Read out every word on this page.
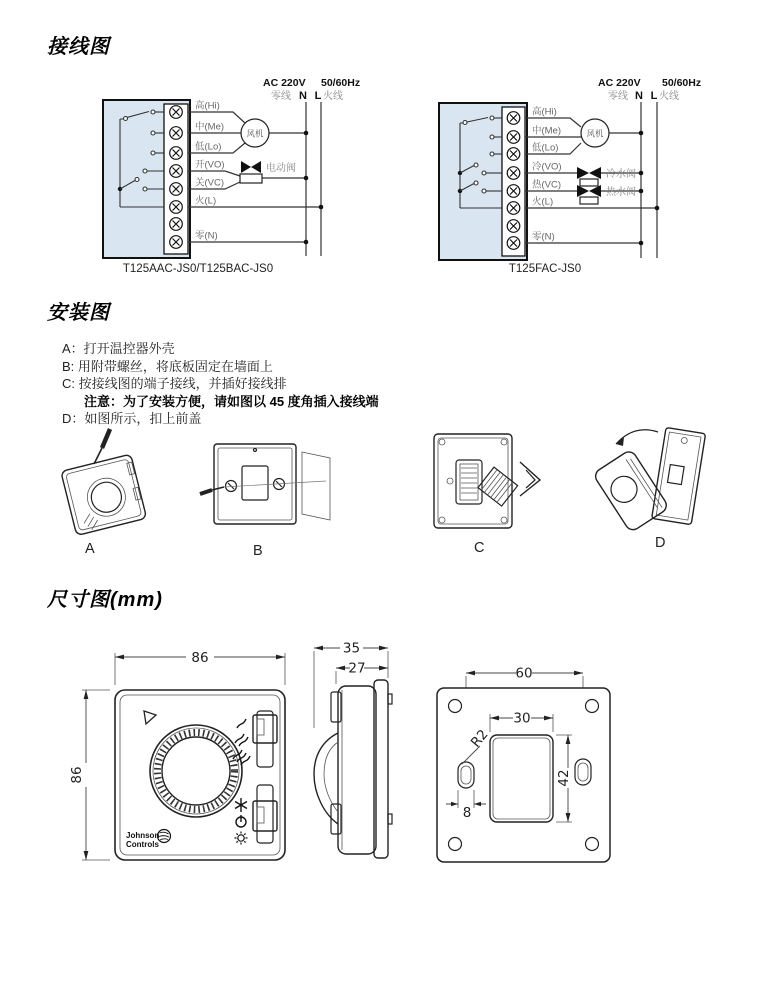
接线图
AC 220V 50/60Hz
零线 N L 火线
风机
电动阀
高(Hi)
中(Me)
低(Lo)
开(VO)
关(VC)
火(L)
零(N)
T125AAC-JS0/T125BAC-JS0
AC 220V 50/60Hz
零线 N L 火线
风机
冷水阀
热水阀
高(Hi)
中(Me)
低(Lo)
冷(VO)
热(VC)
火(L)
零(N)
T125FAC-JS0
安装图
A：打开温控器外壳
B: 用附带螺丝，将底板固定在墙面上
C: 按接线图的端子接线，并插好接线排
注意：为了安装方便，请如图以 45 度角插入接线端
D：如图所示，扣上前盖
A	B	C	D
尺寸图(mm)
86
86
Johnson
Controls
35
27	60
30
42
8
R2
